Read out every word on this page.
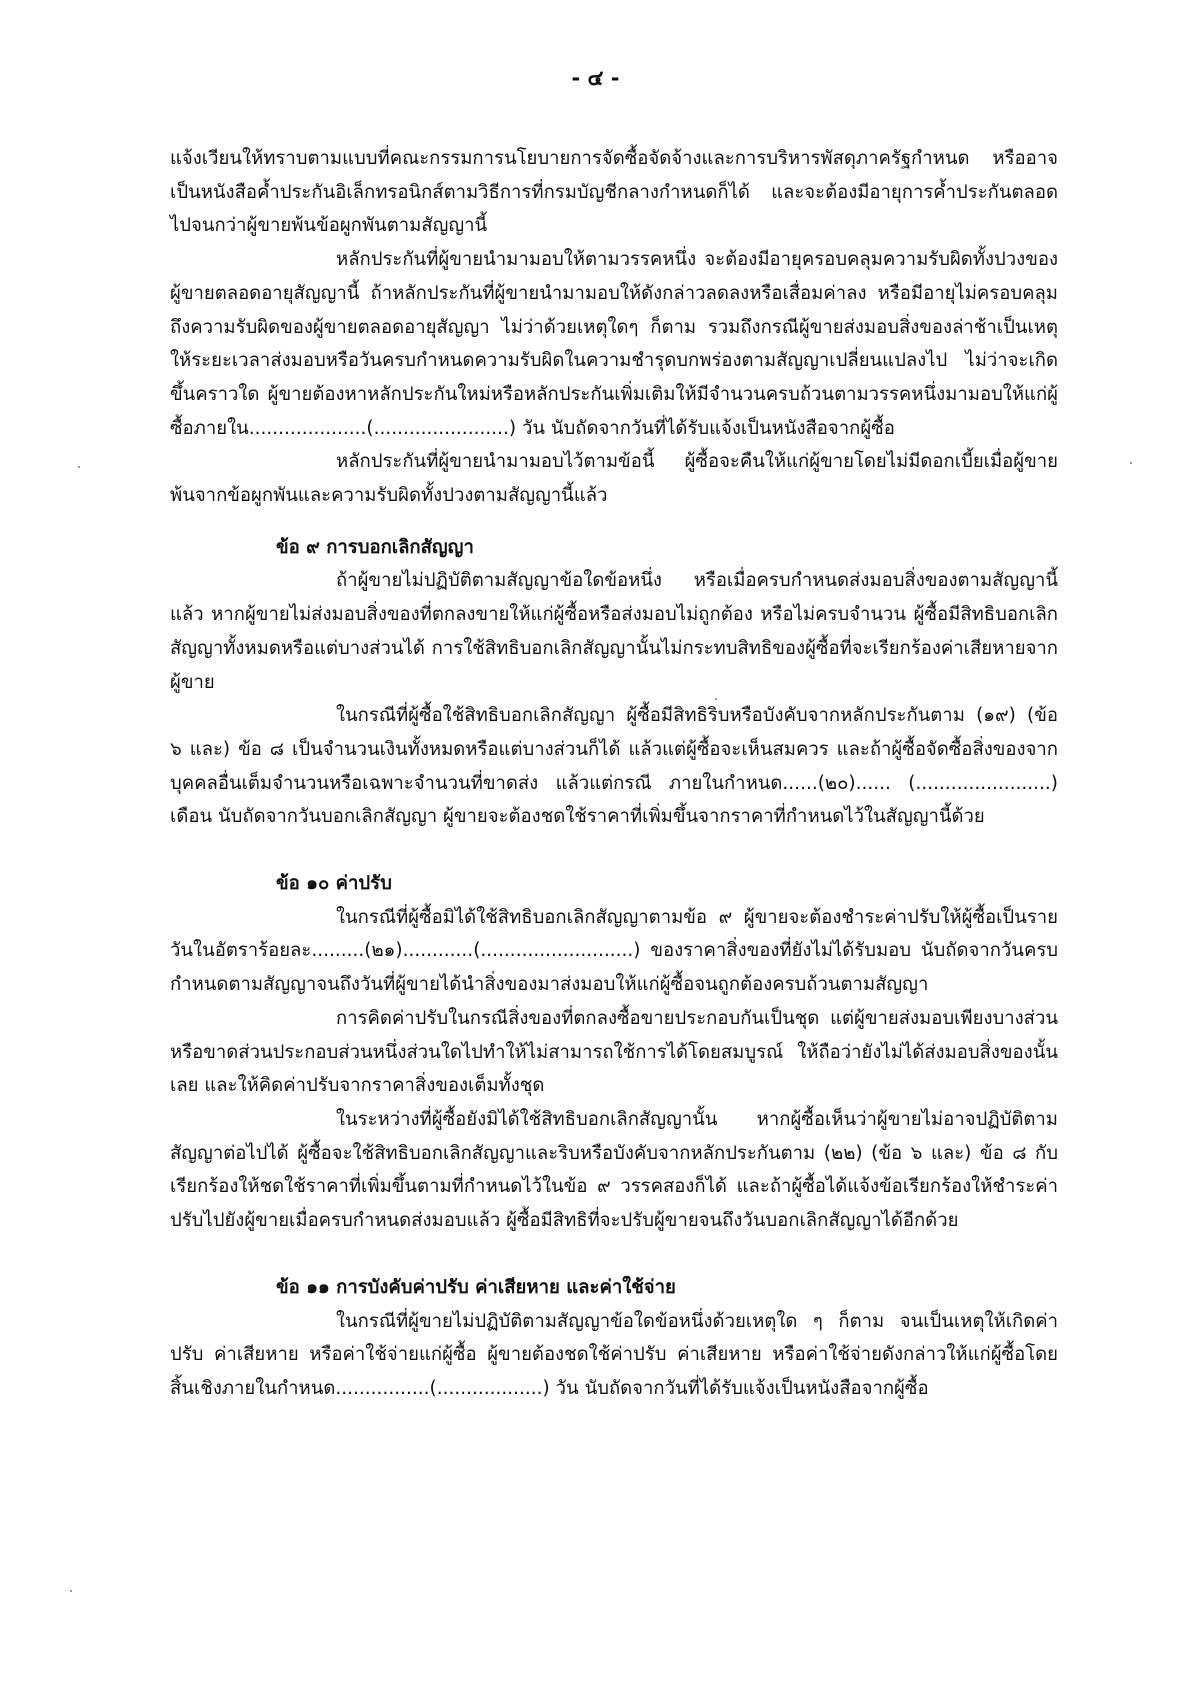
- ๔ -

แจ้งเวียนให้ทราบตามแบบที่คณะกรรมการนโยบายการจัดซื้อจัดจ้างและการบริหารพัสดุภาครัฐกำหนด หรืออาจเป็นหนังสือค้ำประกันอิเล็กทรอนิกส์ตามวิธีการที่กรมบัญชีกลางกำหนดก็ได้ และจะต้องมีอายุการค้ำประกันตลอดไปจนกว่าผู้ขายพ้นข้อผูกพันตามสัญญานี้

หลักประกันที่ผู้ขายนำมามอบให้ตามวรรคหนึ่ง จะต้องมีอายุครอบคลุมความรับผิดทั้งปวงของผู้ขายตลอดอายุสัญญานี้ ถ้าหลักประกันที่ผู้ขายนำมามอบให้ดังกล่าวลดลงหรือเสื่อมค่าลง หรือมีอายุไม่ครอบคลุมถึงความรับผิดของผู้ขายตลอดอายุสัญญา ไม่ว่าด้วยเหตุใดๆ ก็ตาม รวมถึงกรณีผู้ขายส่งมอบสิ่งของล่าช้าเป็นเหตุให้ระยะเวลาส่งมอบหรือวันครบกำหนดความรับผิดในความชำรุดบกพร่องตามสัญญาเปลี่ยนแปลงไป ไม่ว่าจะเกิดขึ้นคราวใด ผู้ขายต้องหาหลักประกันใหม่หรือหลักประกันเพิ่มเติมให้มีจำนวนครบถ้วนตามวรรคหนึ่งมามอบให้แก่ผู้ซื้อภายใน....................(.......................) วัน นับถัดจากวันที่ได้รับแจ้งเป็นหนังสือจากผู้ซื้อ

หลักประกันที่ผู้ขายนำมามอบไว้ตามข้อนี้ ผู้ซื้อจะคืนให้แก่ผู้ขายโดยไม่มีดอกเบี้ยเมื่อผู้ขายพ้นจากข้อผูกพันและความรับผิดทั้งปวงตามสัญญานี้แล้ว

ข้อ ๙ การบอกเลิกสัญญา

ถ้าผู้ขายไม่ปฏิบัติตามสัญญาข้อใดข้อหนึ่ง หรือเมื่อครบกำหนดส่งมอบสิ่งของตามสัญญานี้แล้ว หากผู้ขายไม่ส่งมอบสิ่งของที่ตกลงขายให้แก่ผู้ซื้อหรือส่งมอบไม่ถูกต้อง หรือไม่ครบจำนวน ผู้ซื้อมีสิทธิบอกเลิกสัญญาทั้งหมดหรือแต่บางส่วนได้ การใช้สิทธิบอกเลิกสัญญานั้นไม่กระทบสิทธิของผู้ซื้อที่จะเรียกร้องค่าเสียหายจากผู้ขาย

ในกรณีที่ผู้ซื้อใช้สิทธิบอกเลิกสัญญา ผู้ซื้อมีสิทธิริบหรือบังคับจากหลักประกันตาม (๑๙) (ข้อ ๖ และ) ข้อ ๘ เป็นจำนวนเงินทั้งหมดหรือแต่บางส่วนก็ได้ แล้วแต่ผู้ซื้อจะเห็นสมควร และถ้าผู้ซื้อจัดซื้อสิ่งของจากบุคคลอื่นเต็มจำนวนหรือเฉพาะจำนวนที่ขาดส่ง แล้วแต่กรณี ภายในกำหนด......(๒๐)...... (.......................) เดือน นับถัดจากวันบอกเลิกสัญญา ผู้ขายจะต้องชดใช้ราคาที่เพิ่มขึ้นจากราคาที่กำหนดไว้ในสัญญานี้ด้วย

ข้อ ๑๐ ค่าปรับ

ในกรณีที่ผู้ซื้อมิได้ใช้สิทธิบอกเลิกสัญญาตามข้อ ๙ ผู้ขายจะต้องชำระค่าปรับให้ผู้ซื้อเป็นรายวันในอัตราร้อยละ.........(๒๑)............(..........................) ของราคาสิ่งของที่ยังไม่ได้รับมอบ นับถัดจากวันครบกำหนดตามสัญญาจนถึงวันที่ผู้ขายได้นำสิ่งของมาส่งมอบให้แก่ผู้ซื้อจนถูกต้องครบถ้วนตามสัญญา

การคิดค่าปรับในกรณีสิ่งของที่ตกลงซื้อขายประกอบกันเป็นชุด แต่ผู้ขายส่งมอบเพียงบางส่วน หรือขาดส่วนประกอบส่วนหนึ่งส่วนใดไปทำให้ไม่สามารถใช้การได้โดยสมบูรณ์ ให้ถือว่ายังไม่ได้ส่งมอบสิ่งของนั้นเลย และให้คิดค่าปรับจากราคาสิ่งของเต็มทั้งชุด

ในระหว่างที่ผู้ซื้อยังมิได้ใช้สิทธิบอกเลิกสัญญานั้น หากผู้ซื้อเห็นว่าผู้ขายไม่อาจปฏิบัติตามสัญญาต่อไปได้ ผู้ซื้อจะใช้สิทธิบอกเลิกสัญญาและริบหรือบังคับจากหลักประกันตาม (๒๒) (ข้อ ๖ และ) ข้อ ๘ กับเรียกร้องให้ชดใช้ราคาที่เพิ่มขึ้นตามที่กำหนดไว้ในข้อ ๙ วรรคสองก็ได้ และถ้าผู้ซื้อได้แจ้งข้อเรียกร้องให้ชำระค่าปรับไปยังผู้ขายเมื่อครบกำหนดส่งมอบแล้ว ผู้ซื้อมีสิทธิที่จะปรับผู้ขายจนถึงวันบอกเลิกสัญญาได้อีกด้วย

ข้อ ๑๑ การบังคับค่าปรับ ค่าเสียหาย และค่าใช้จ่าย

ในกรณีที่ผู้ขายไม่ปฏิบัติตามสัญญาข้อใดข้อหนึ่งด้วยเหตุใด ๆ ก็ตาม จนเป็นเหตุให้เกิดค่าปรับ ค่าเสียหาย หรือค่าใช้จ่ายแก่ผู้ซื้อ ผู้ขายต้องชดใช้ค่าปรับ ค่าเสียหาย หรือค่าใช้จ่ายดังกล่าวให้แก่ผู้ซื้อโดยสิ้นเชิงภายในกำหนด................(..................) วัน นับถัดจากวันที่ได้รับแจ้งเป็นหนังสือจากผู้ซื้อ
